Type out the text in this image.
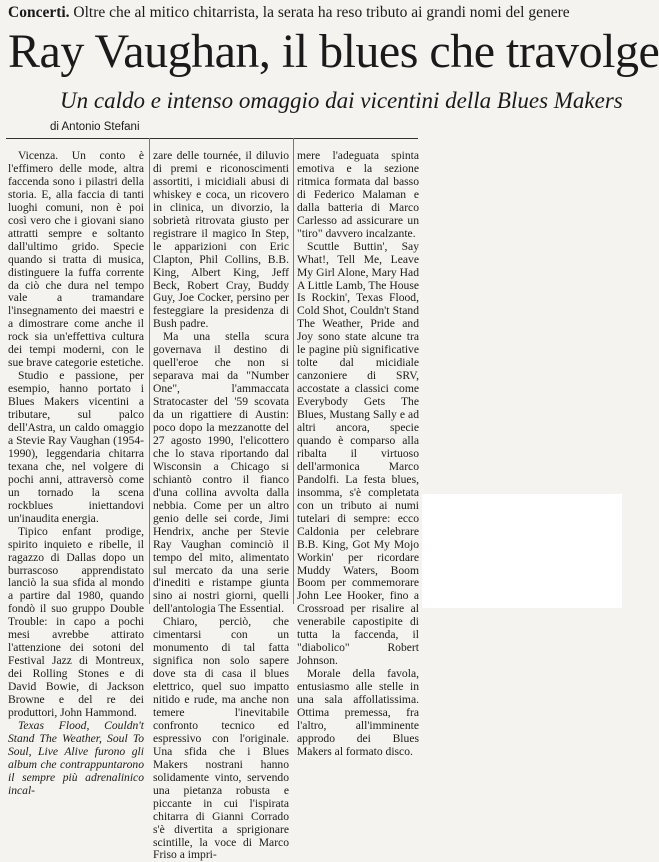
Concerti. Oltre che al mitico chitarrista, la serata ha reso tributo ai grandi nomi del genere
Ray Vaughan, il blues che travolge
Un caldo e intenso omaggio dai vicentini della Blues Makers
di Antonio Stefani

Vicenza. Un conto è l'effimero delle mode, altra faccenda sono i pilastri della storia. E, alla faccia di tanti luoghi comuni, non è poi così vero che i giovani siano attratti sempre e soltanto dall'ultimo grido. Specie quando si tratta di musica, distinguere la fuffa corrente da ciò che dura nel tempo vale a tramandare l'insegnamento dei maestri e a dimostrare come anche il rock sia un'effettiva cultura dei tempi moderni, con le sue brave categorie estetiche.

Studio e passione, per esempio, hanno portato i Blues Makers vicentini a tributare, sul palco dell'Astra, un caldo omaggio a Stevie Ray Vaughan (1954-1990), leggendaria chitarra texana che, nel volgere di pochi anni, attraversò come un tornado la scena rockblues iniettandovi un'inaudita energia.

Tipico enfant prodige, spirito inquieto e ribelle, il ragazzo di Dallas dopo un burrascoso apprendistato lanciò la sua sfida al mondo a partire dal 1980, quando fondò il suo gruppo Double Trouble: in capo a pochi mesi avrebbe attirato l'attenzione dei sotoni del Festival Jazz di Montreux, dei Rolling Stones e di David Bowie, di Jackson Browne e del re dei produttori, John Hammond.

Texas Flood, Couldn't Stand The Weather, Soul To Soul, Live Alive furono gli album che contrappuntarono il sempre più adrenalinico incal-

zare delle tournée, il diluvio di premi e riconoscimenti assortiti, i micidiali abusi di whiskey e coca, un ricovero in clinica, un divorzio, la sobrietà ritrovata giusto per registrare il magico In Step, le apparizioni con Eric Clapton, Phil Collins, B.B. King, Albert King, Jeff Beck, Robert Cray, Buddy Guy, Joe Cocker, persino per festeggiare la presidenza di Bush padre.

Ma una stella scura governava il destino di quell'eroe che non si separava mai da "Number One", l'ammaccata Stratocaster del '59 scovata da un rigattiere di Austin: poco dopo la mezzanotte del 27 agosto 1990, l'elicottero che lo stava riportando dal Wisconsin a Chicago si schiantò contro il fianco d'una collina avvolta dalla nebbia. Come per un altro genio delle sei corde, Jimi Hendrix, anche per Stevie Ray Vaughan cominciò il tempo del mito, alimentato sul mercato da una serie d'inediti e ristampe giunta sino ai nostri giorni, quelli dell'antologia The Essential.

Chiaro, perciò, che cimentarsi con un monumento di tal fatta significa non solo sapere dove sta di casa il blues elettrico, quel suo impatto nitido e rude, ma anche non temere l'inevitabile confronto tecnico ed espressivo con l'originale. Una sfida che i Blues Makers nostrani hanno solidamente vinto, servendo una pietanza robusta e piccante in cui l'ispirata chitarra di Gianni Corrado s'è divertita a sprigionare scintille, la voce di Marco Friso a impri-

mere l'adeguata spinta emotiva e la sezione ritmica formata dal basso di Federico Malaman e dalla batteria di Marco Carlesso ad assicurare un "tiro" davvero incalzante.

Scuttle Buttin', Say What!, Tell Me, Leave My Girl Alone, Mary Had A Little Lamb, The House Is Rockin', Texas Flood, Cold Shot, Couldn't Stand The Weather, Pride and Joy sono state alcune tra le pagine più significative tolte dal micidiale canzoniere di SRV, accostate a classici come Everybody Gets The Blues, Mustang Sally e ad altri ancora, specie quando è comparso alla ribalta il virtuoso dell'armonica Marco Pandolfi. La festa blues, insomma, s'è completata con un tributo ai numi tutelari di sempre: ecco Caldonia per celebrare B.B. King, Got My Mojo Workin' per ricordare Muddy Waters, Boom Boom per commemorare John Lee Hooker, fino a Crossroad per risalire al venerabile capostipite di tutta la faccenda, il "diabolico" Robert Johnson.

Morale della favola, entusiasmo alle stelle in una sala affollatissima. Ottima premessa, fra l'altro, all'imminente approdo dei Blues Makers al formato disco.
